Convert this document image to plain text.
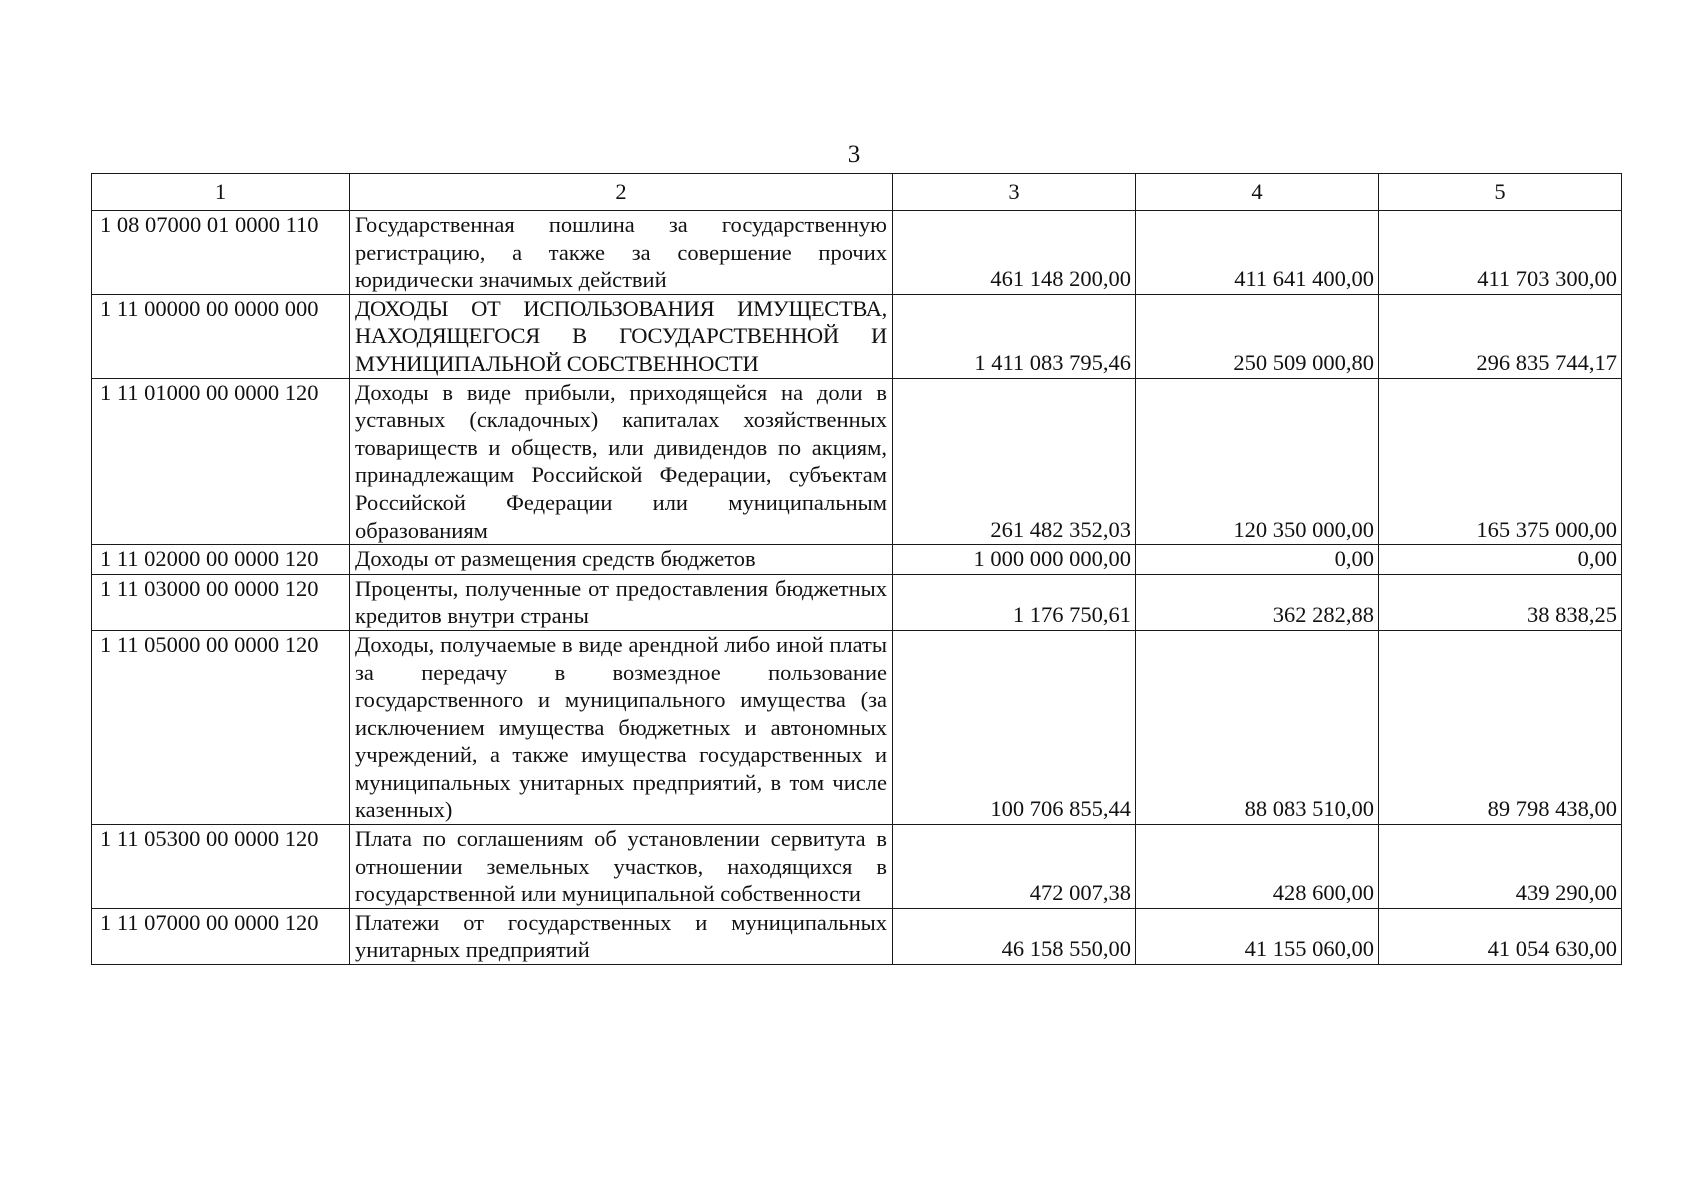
3
1	2	3	4	5
1 08 07000 01 0000 110	Государственная пошлина за государственную регистрацию, а также за совершение прочих юридически значимых действий	461 148 200,00	411 641 400,00	411 703 300,00
1 11 00000 00 0000 000	ДОХОДЫ ОТ ИСПОЛЬЗОВАНИЯ ИМУЩЕСТВА, НАХОДЯЩЕГОСЯ В ГОСУДАРСТВЕННОЙ И МУНИЦИПАЛЬНОЙ СОБСТВЕННОСТИ	1 411 083 795,46	250 509 000,80	296 835 744,17
1 11 01000 00 0000 120	Доходы в виде прибыли, приходящейся на доли в уставных (складочных) капиталах хозяйственных товариществ и обществ, или дивидендов по акциям, принадлежащим Российской Федерации, субъектам Российской Федерации или муниципальным образованиям	261 482 352,03	120 350 000,00	165 375 000,00
1 11 02000 00 0000 120	Доходы от размещения средств бюджетов	1 000 000 000,00	0,00	0,00
1 11 03000 00 0000 120	Проценты, полученные от предоставления бюджетных кредитов внутри страны	1 176 750,61	362 282,88	38 838,25
1 11 05000 00 0000 120	Доходы, получаемые в виде арендной либо иной платы за передачу в возмездное пользование государственного и муниципального имущества (за исключением имущества бюджетных и автономных учреждений, а также имущества государственных и муниципальных унитарных предприятий, в том числе казенных)	100 706 855,44	88 083 510,00	89 798 438,00
1 11 05300 00 0000 120	Плата по соглашениям об установлении сервитута в отношении земельных участков, находящихся в государственной или муниципальной собственности	472 007,38	428 600,00	439 290,00
1 11 07000 00 0000 120	Платежи от государственных и муниципальных унитарных предприятий	46 158 550,00	41 155 060,00	41 054 630,00
